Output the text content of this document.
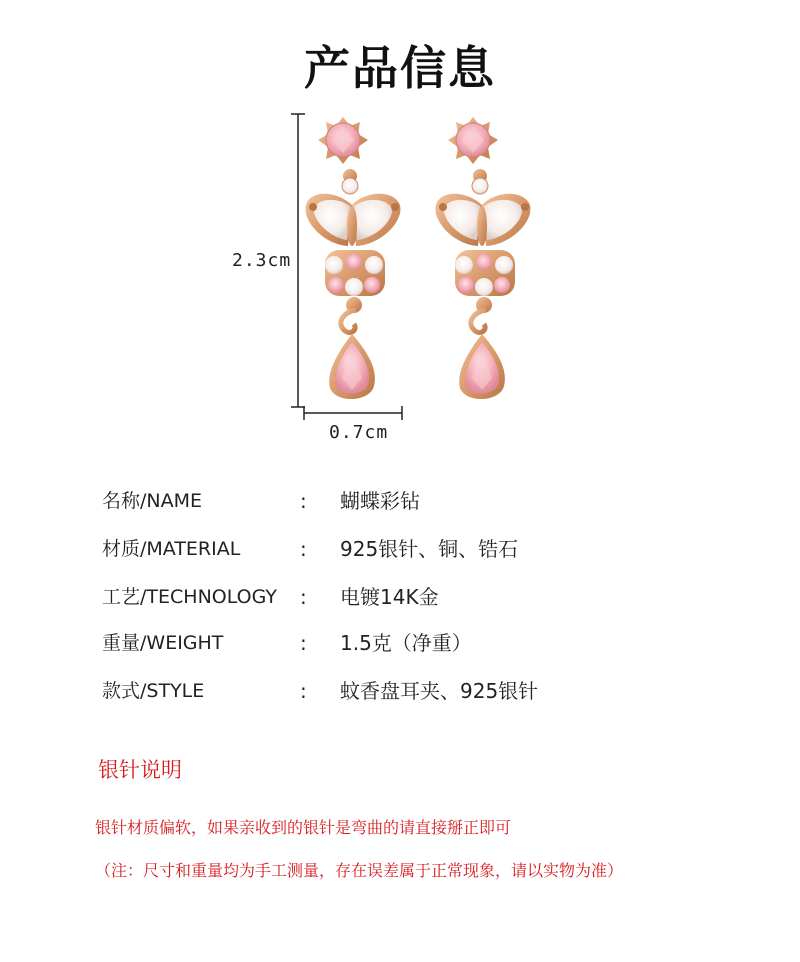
产品信息
2.3cm
0.7cm
名称/NAME	: 蝴蝶彩钻
材质/MATERIAL	: 925银针、铜、锆石
工艺/TECHNOLOGY : 电镀14K金
重量/WEIGHT	: 1.5克（净重）
款式/STYLE	: 蚊香盘耳夹、925银针
银针说明
银针材质偏软，如果亲收到的银针是弯曲的请直接掰正即可
（注：尺寸和重量均为手工测量，存在误差属于正常现象，请以实物为准）
